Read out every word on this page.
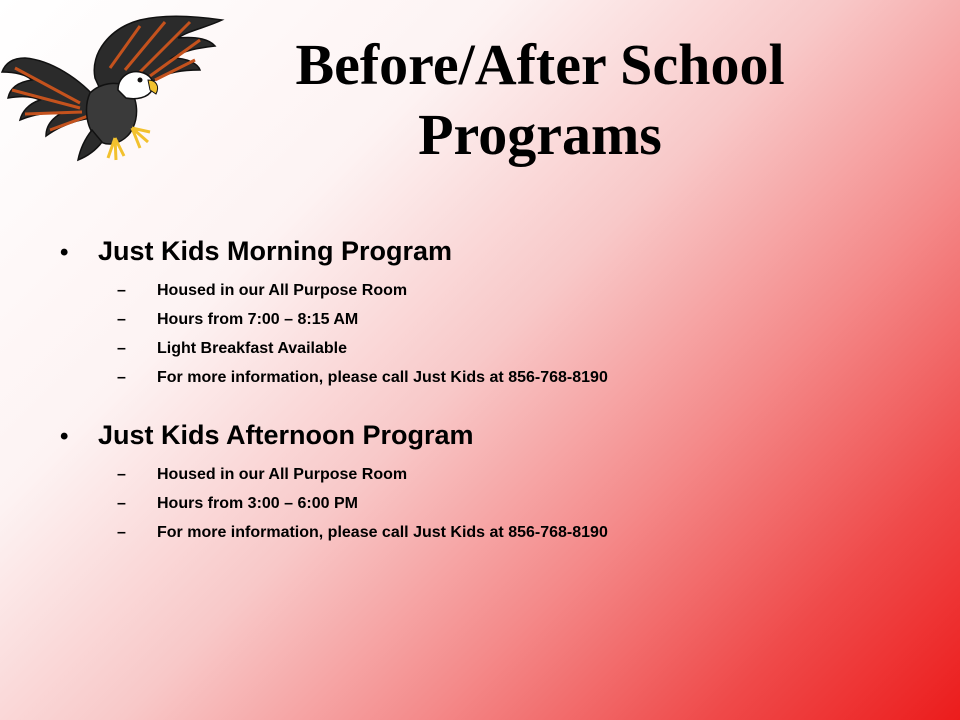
Before/After School Programs
•	Just Kids Morning Program
–	Housed in our All Purpose Room
–	Hours from 7:00 – 8:15 AM
–	Light Breakfast Available
–	For more information, please call Just Kids at 856-768-8190
•	Just Kids Afternoon Program
–	Housed in our All Purpose Room
–	Hours from 3:00 – 6:00 PM
–	For more information, please call Just Kids at 856-768-8190
